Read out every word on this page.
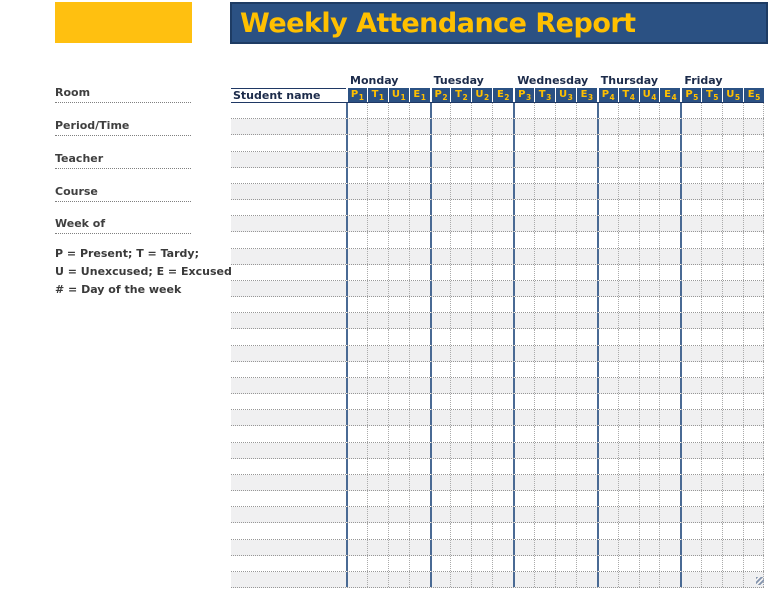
Weekly Attendance Report
Room
Period/Time
Teacher
Course
Week of
P = Present; T = Tardy;
U = Unexcused; E = Excused
# = Day of the week
Monday	Tuesday	Wednesday	Thursday	Friday
Student name	P 1 T 1 U 1 E 1 P 2 T 2 U 2 E 2 P 3 T 3 U 3 E 3 P 4 T 4 U 4 E 4 P 5 T 5 U 5 E 5
